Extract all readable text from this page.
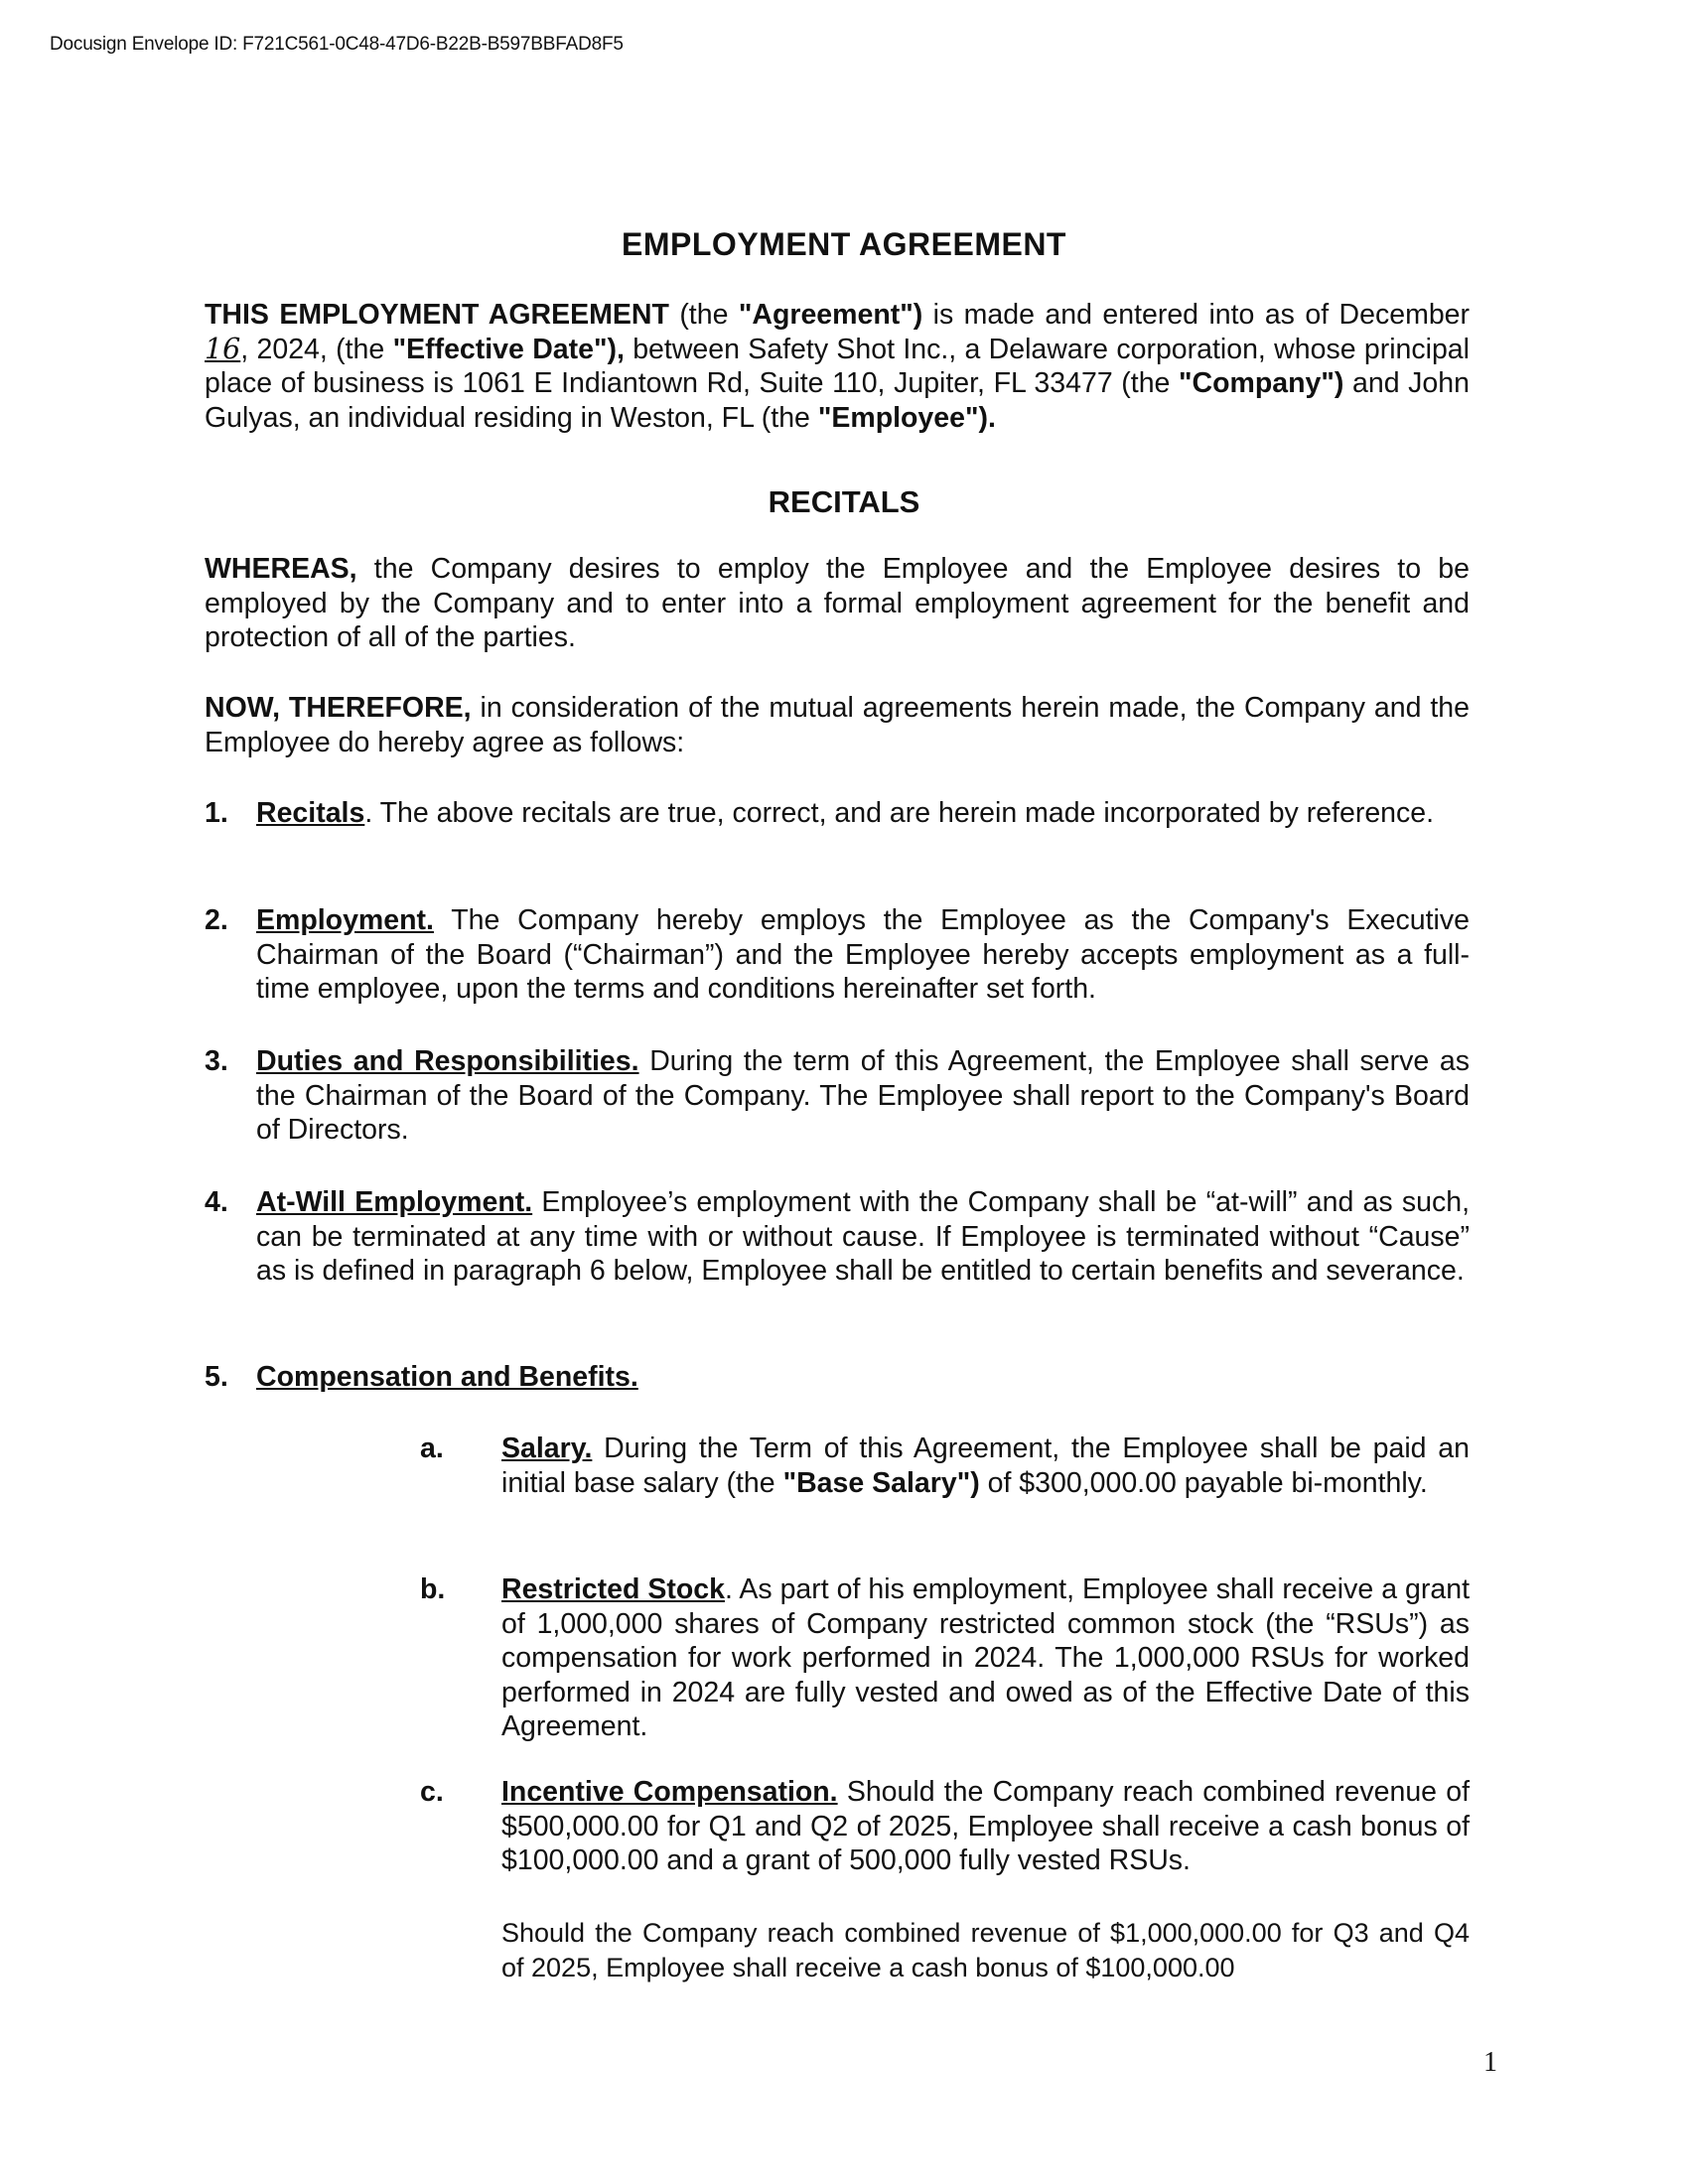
Docusign Envelope ID: F721C561-0C48-47D6-B22B-B597BBFAD8F5
EMPLOYMENT AGREEMENT

THIS EMPLOYMENT AGREEMENT (the "Agreement") is made and entered into as of December 16, 2024, (the "Effective Date"), between Safety Shot Inc., a Delaware corporation, whose principal place of business is 1061 E Indiantown Rd, Suite 110, Jupiter, FL 33477 (the "Company") and John Gulyas, an individual residing in Weston, FL (the "Employee").

RECITALS

WHEREAS, the Company desires to employ the Employee and the Employee desires to be employed by the Company and to enter into a formal employment agreement for the benefit and protection of all of the parties.

NOW, THEREFORE, in consideration of the mutual agreements herein made, the Company and the Employee do hereby agree as follows:

1. Recitals. The above recitals are true, correct, and are herein made incorporated by reference.
2. Employment. The Company hereby employs the Employee as the Company's Executive Chairman of the Board (“Chairman”) and the Employee hereby accepts employment as a full-time employee, upon the terms and conditions hereinafter set forth.
3. Duties and Responsibilities. During the term of this Agreement, the Employee shall serve as the Chairman of the Board of the Company. The Employee shall report to the Company's Board of Directors.
4. At-Will Employment. Employee’s employment with the Company shall be “at-will” and as such, can be terminated at any time with or without cause. If Employee is terminated without “Cause” as is defined in paragraph 6 below, Employee shall be entitled to certain benefits and severance.
5. Compensation and Benefits.
a. Salary. During the Term of this Agreement, the Employee shall be paid an initial base salary (the "Base Salary") of $300,000.00 payable bi-monthly.
b. Restricted Stock. As part of his employment, Employee shall receive a grant of 1,000,000 shares of Company restricted common stock (the “RSUs”) as compensation for work performed in 2024. The 1,000,000 RSUs for worked performed in 2024 are fully vested and owed as of the Effective Date of this Agreement.
c. Incentive Compensation. Should the Company reach combined revenue of $500,000.00 for Q1 and Q2 of 2025, Employee shall receive a cash bonus of $100,000.00 and a grant of 500,000 fully vested RSUs.
Should the Company reach combined revenue of $1,000,000.00 for Q3 and Q4 of 2025, Employee shall receive a cash bonus of $100,000.00
1
